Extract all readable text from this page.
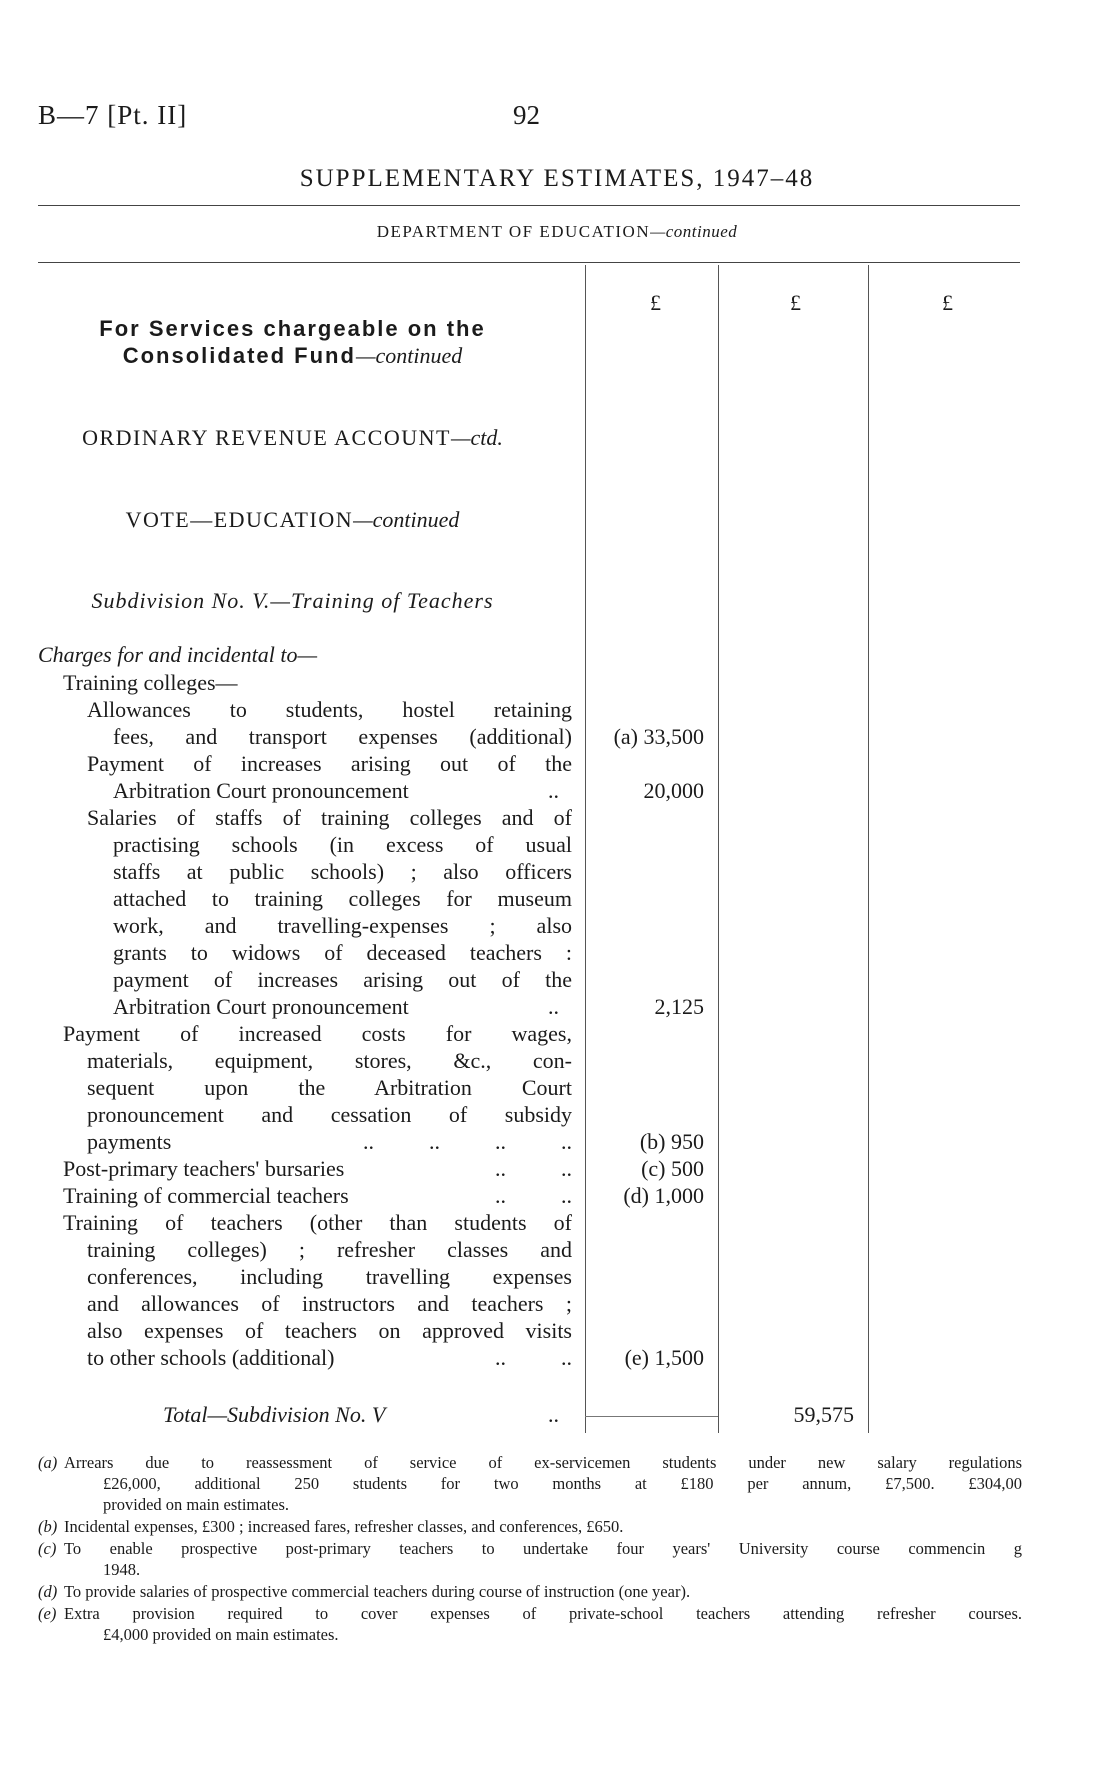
B—7 [Pt. II]	92
SUPPLEMENTARY ESTIMATES, 1947–48
DEPARTMENT OF EDUCATION—continued
£	£	£
For Services chargeable on the
Consolidated Fund—continued
ORDINARY REVENUE ACCOUNT—ctd.
VOTE—EDUCATION—continued
Subdivision No. V.—Training of Teachers
Charges for and incidental to—
Training colleges—
Allowances to students, hostel retaining
fees, and transport expenses (additional) (a) 33,500
Payment of increases arising out of the
Arbitration Court pronouncement	..	20,000
Salaries of staffs of training colleges and of
practising schools (in excess of usual
staffs at public schools) ; also officers
attached to training colleges for museum
work, and travelling-expenses ; also
grants to widows of deceased teachers :
payment of increases arising out of the
Arbitration Court pronouncement	..	2,125
Payment of increased costs for wages,
materials, equipment, stores, &c., con-
sequent upon the Arbitration Court
pronouncement and cessation of subsidy
payments	..          ..          ..          ..	(b) 950
Post-primary teachers' bursaries	..          ..	(c) 500
Training of commercial teachers	..          .. (d) 1,000
Training of teachers (other than students of
training colleges) ; refresher classes and
conferences, including travelling expenses
and allowances of instructors and teachers ;
also expenses of teachers on approved visits
to other schools (additional)	..          .. (e) 1,500
Total—Subdivision No. V	..	59,575
(a) Arrears due to reassessment of service of ex-servicemen students under new salary regulations
£26,000, additional 250 students for two months at £180 per annum, £7,500. £304,00
provided on main estimates.
(b) Incidental expenses, £300 ; increased fares, refresher classes, and conferences, £650.
(c) To enable prospective post-primary teachers to undertake four years' University course commencin g
1948.
(d) To provide salaries of prospective commercial teachers during course of instruction (one year).
(e) Extra provision required to cover expenses of private-school teachers attending refresher courses.
£4,000 provided on main estimates.
